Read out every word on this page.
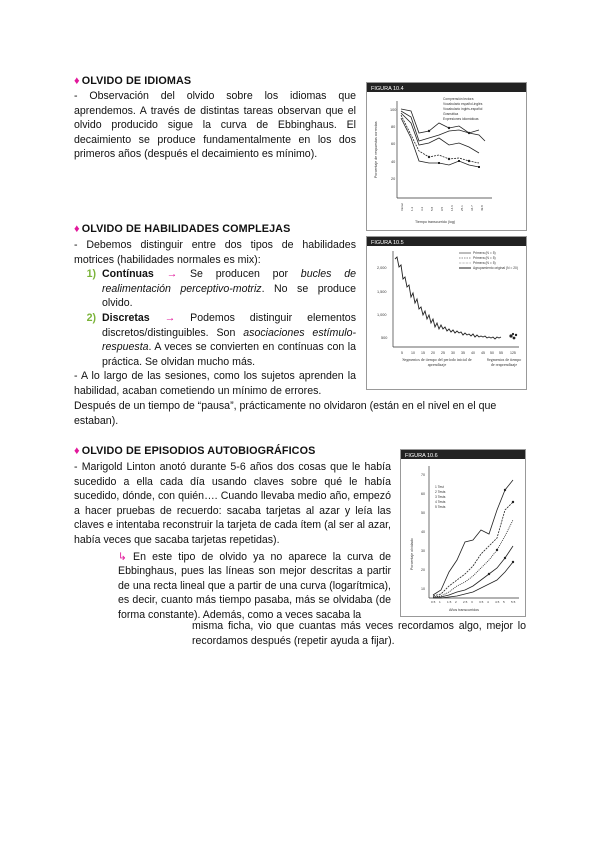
♦ OLVIDO DE IDIOMAS

- Observación del olvido sobre los idiomas que aprendemos. A través de distintas tareas observan que el olvido producido sigue la curva de Ebbinghaus. El decaimiento se produce fundamentalmente en los dos primeros años (después el decaimiento es mínimo).

FIGURA 10.4
100
80
60
40
20
Porcentaje de respuestas correctas
Comprensión lectora
Vocabulario español-inglés
Vocabulario inglés-español
Gramática
Expresiones idiomáticas
Inicial 1.2 3.2 5.8 9.5 14.6 25.1 34.7 49.8
Tiempo transcurrido (log)
♦ OLVIDO DE HABILIDADES COMPLEJAS

- Debemos distinguir entre dos tipos de habilidades motrices (habilidades normales es mix):

1) Contínuas → Se producen por bucles de realimentación perceptivo-motriz. No se produce olvido.
2) Discretas → Podemos distinguir elementos discretos/distinguibles. Son asociaciones estímulo-respuesta. A veces se convierten en contínuas con la práctica. Se olvidan mucho más.

- A lo largo de las sesiones, como los sujetos aprenden la habilidad, acaban cometiendo un mínimo de errores.

Después de un tiempo de “pausa”, prácticamente no olvidaron (están en el nivel en el que estaban).

FIGURA 10.5
2,000
1,500
1,000
500
Primera (N = 5)
Primera (N = 5)
Primera (N = 5)
Agrupamiento original (N = 20)
5 10 15 20 25 30 35 40 45 50 55 125
Segmentos de tiempo del período inicial de aprendizaje
Segmentos de tiempo de reaprendizaje
♦ OLVIDO DE EPISODIOS AUTOBIOGRÁFICOS

- Marigold Linton anotó durante 5-6 años dos cosas que le había sucedido a ella cada día usando claves sobre qué le había sucedido, dónde, con quién…. Cuando llevaba medio año, empezó a hacer pruebas de recuerdo: sacaba tarjetas al azar y leía las claves e intentaba reconstruir la tarjeta de cada ítem (al ser al azar, había veces que sacaba tarjetas repetidas).

↳ En este tipo de olvido ya no aparece la curva de Ebbinghaus, pues las líneas son mejor descritas a partir de una recta lineal que a partir de una curva (logarítmica), es decir, cuanto más tiempo pasaba, más se olvidaba (de forma constante). Además, como a veces sacaba la

misma ficha, vio que cuantas más veces recordamos algo, mejor lo recordamos después (repetir ayuda a fijar).

FIGURA 10.6
70
60
50
40
30
20
10
Porcentaje olvidado
1 Test
2 Tests
3 Tests
4 Tests
5 Tests
0.5 1 1.5 2 2.5 3 3.5 4 4.5 5 5.5
Años transcurridos
